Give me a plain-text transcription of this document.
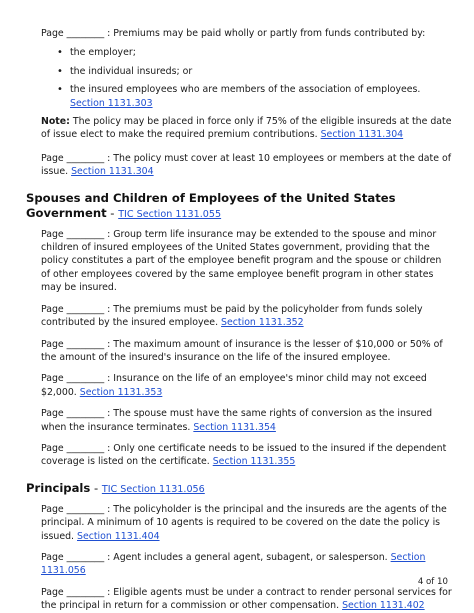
Page ________ : Premiums may be paid wholly or partly from funds contributed by:

• the employer;
• the individual insureds; or
• the insured employees who are members of the association of employees. Section 1131.303

Note: The policy may be placed in force only if 75% of the eligible insureds at the date of issue elect to make the required premium contributions. Section 1131.304

Page ________ : The policy must cover at least 10 employees or members at the date of issue. Section 1131.304

Spouses and Children of Employees of the United States Government - TIC Section 1131.055

Page ________ : Group term life insurance may be extended to the spouse and minor children of insured employees of the United States government, providing that the policy constitutes a part of the employee benefit program and the spouse or children of other employees covered by the same employee benefit program in other states may be insured.

Page ________ : The premiums must be paid by the policyholder from funds solely contributed by the insured employee. Section 1131.352

Page ________ : The maximum amount of insurance is the lesser of $10,000 or 50% of the amount of the insured's insurance on the life of the insured employee.

Page ________ : Insurance on the life of an employee's minor child may not exceed $2,000. Section 1131.353

Page ________ : The spouse must have the same rights of conversion as the insured when the insurance terminates. Section 1131.354

Page ________ : Only one certificate needs to be issued to the insured if the dependent coverage is listed on the certificate. Section 1131.355

Principals - TIC Section 1131.056

Page ________ : The policyholder is the principal and the insureds are the agents of the principal. A minimum of 10 agents is required to be covered on the date the policy is issued. Section 1131.404

Page ________ : Agent includes a general agent, subagent, or salesperson. Section 1131.056

Page ________ : Eligible agents must be under a contract to render personal services for the principal in return for a commission or other compensation. Section 1131.402

4 of 10
